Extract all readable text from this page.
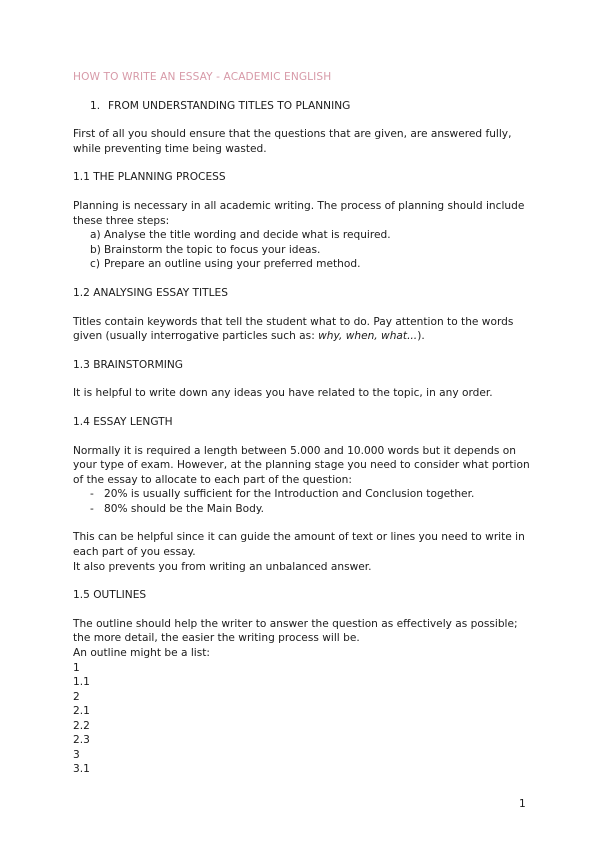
HOW TO WRITE AN ESSAY - ACADEMIC ENGLISH

1. FROM UNDERSTANDING TITLES TO PLANNING

First of all you should ensure that the questions that are given, are answered fully, while preventing time being wasted.

1.1 THE PLANNING PROCESS

Planning is necessary in all academic writing. The process of planning should include these three steps:

a) Analyse the title wording and decide what is required.
b) Brainstorm the topic to focus your ideas.
c) Prepare an outline using your preferred method.

1.2 ANALYSING ESSAY TITLES

Titles contain keywords that tell the student what to do. Pay attention to the words given (usually interrogative particles such as: why, when, what...).

1.3 BRAINSTORMING

It is helpful to write down any ideas you have related to the topic, in any order.

1.4 ESSAY LENGTH

Normally it is required a length between 5.000 and 10.000 words but it depends on your type of exam. However, at the planning stage you need to consider what portion of the essay to allocate to each part of the question:

- 20% is usually sufficient for the Introduction and Conclusion together.
- 80% should be the Main Body.

This can be helpful since it can guide the amount of text or lines you need to write in each part of you essay.

It also prevents you from writing an unbalanced answer.

1.5 OUTLINES

The outline should help the writer to answer the question as effectively as possible; the more detail, the easier the writing process will be.

An outline might be a list:

1
1.1
2
2.1
2.2
2.3
3
3.1
1
